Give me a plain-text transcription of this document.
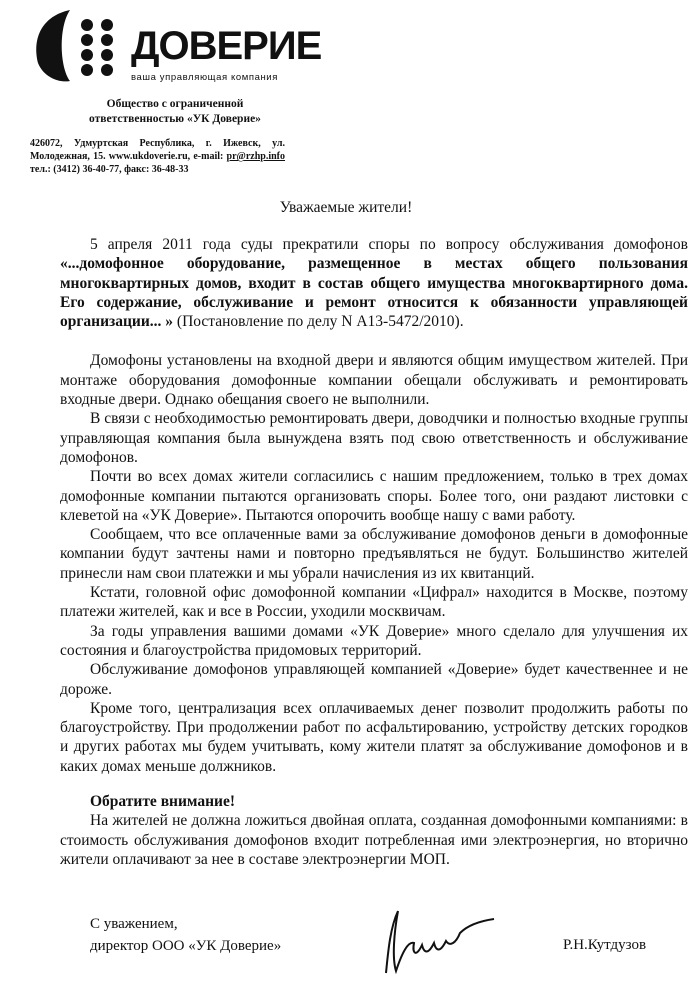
ДОВЕРИЕ
ваша управляющая компания
Общество с ограниченной
ответственностью «УК Доверие»
426072, Удмуртская Республика, г. Ижевск, ул. Молодежная, 15. www.ukdoverie.ru, e-mail: pr@rzhp.info тел.: (3412) 36-40-77, факс: 36-48-33
Уважаемые жители!

5 апреля 2011 года суды прекратили споры по вопросу обслуживания домофонов «...домофонное оборудование, размещенное в местах общего пользования многоквартирных домов, входит в состав общего имущества многоквартирного дома. Его содержание, обслуживание и ремонт относится к обязанности управляющей организации... » (Постановление по делу N А13-5472/2010).

Домофоны установлены на входной двери и являются общим имуществом жителей. При монтаже оборудования домофонные компании обещали обслуживать и ремонтировать входные двери. Однако обещания своего не выполнили.

В связи с необходимостью ремонтировать двери, доводчики и полностью входные группы управляющая компания была вынуждена взять под свою ответственность и обслуживание домофонов.

Почти во всех домах жители согласились с нашим предложением, только в трех домах домофонные компании пытаются организовать споры. Более того, они раздают листовки с клеветой на «УК Доверие». Пытаются опорочить вообще нашу с вами работу.

Сообщаем, что все оплаченные вами за обслуживание домофонов деньги в домофонные компании будут зачтены нами и повторно предъявляться не будут. Большинство жителей принесли нам свои платежки и мы убрали начисления из их квитанций.

Кстати, головной офис домофонной компании «Цифрал» находится в Москве, поэтому платежи жителей, как и все в России, уходили москвичам.

За годы управления вашими домами «УК Доверие» много сделало для улучшения их состояния и благоустройства придомовых территорий.

Обслуживание домофонов управляющей компанией «Доверие» будет качественнее и не дороже.

Кроме того, централизация всех оплачиваемых денег позволит продолжить работы по благоустройству. При продолжении работ по асфальтированию, устройству детских городков и других работах мы будем учитывать, кому жители платят за обслуживание домофонов и в каких домах меньше должников.

Обратите внимание!

На жителей не должна ложиться двойная оплата, созданная домофонными компаниями: в стоимость обслуживания домофонов входит потребленная ими электроэнергия, но вторично жители оплачивают за нее в составе электроэнергии МОП.

С уважением,
директор ООО «УК Доверие»	Р.Н.Кутдузов
